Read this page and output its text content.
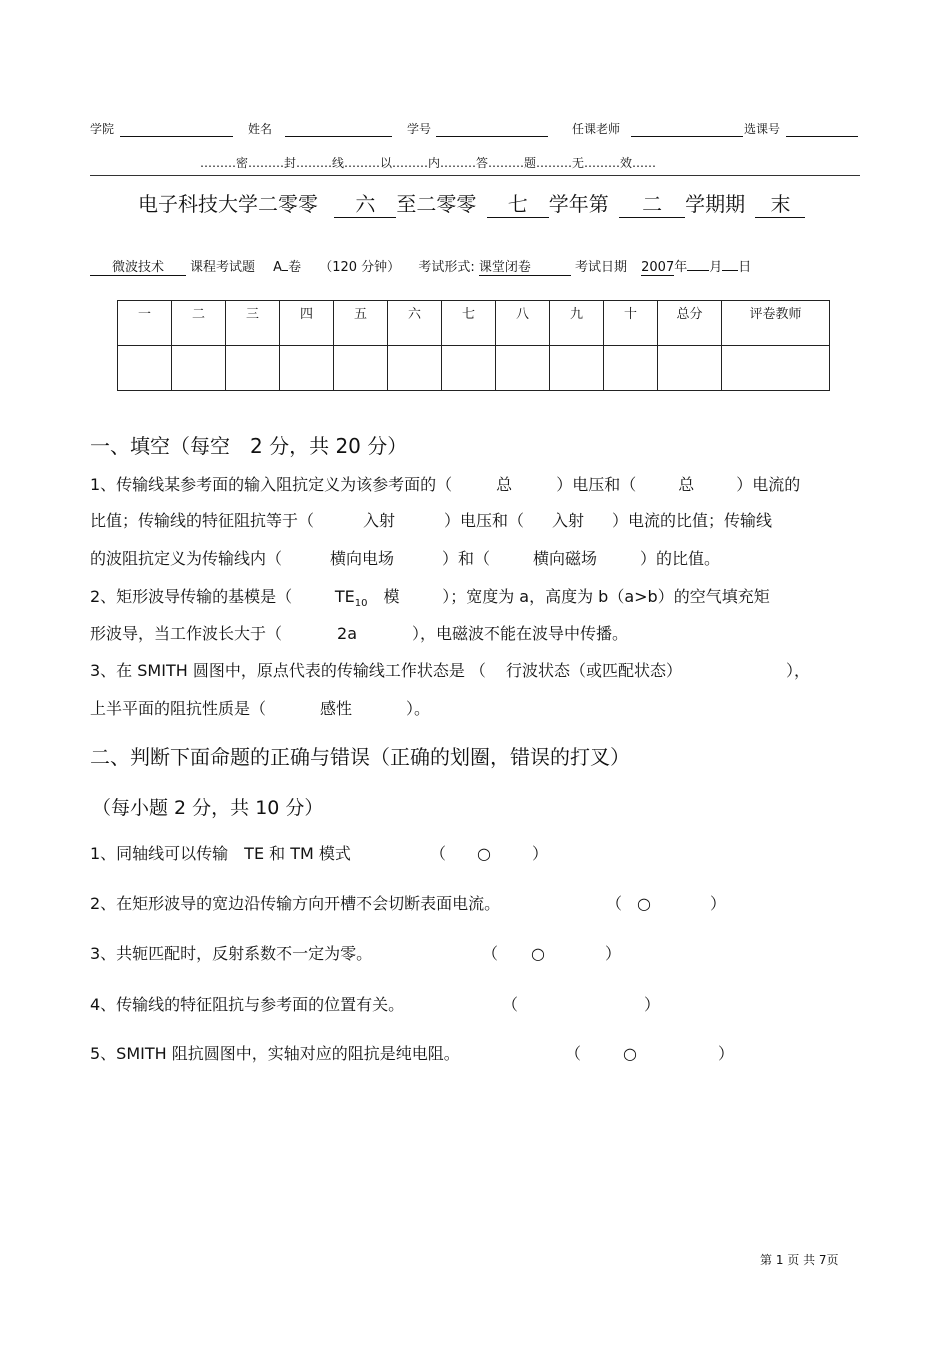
学院	姓名	学号	任课老师	选课号
………密………封………线………以………内………答………题………无………效……
电子科技大学二零零 六 至二零零 七 学年第 二 学期期 末
微波技术 课程考试题 A 卷 （120 分钟） 考试形式: 课堂闭卷	考试日期 2007年 月 日
一	二	三	四	五	六	七	八	九	十	总分	评卷教师

一、填空（每空　2 分，共 20 分）
1、传输线某参考面的输入阻抗定义为该参考面的（	总	）电压和（	总	）电流的
比值；传输线的特征阻抗等于（	入射	）电压和（ 入射 ）电流的比值；传输线
的波阻抗定义为传输线内（	横向电场	）和（	横向磁场	）的比值。
2、矩形波导传输的基模是（	$TE_{10}$　 模	）；宽度为 a，高度为 b（a>b）的空气填充矩
形波导，当工作波长大于（	2a	），电磁波不能在波导中传播。
3、在 SMITH 圆图中，原点代表的传输线工作状态是 （ 行波状态（或匹配状态）	），
上半平面的阻抗性质是（	感性	）。
二、判断下面命题的正确与错误（正确的划圈，错误的打叉）
（每小题 2 分，共 10 分）
1、同轴线可以传输　TE 和 TM 模式	（ ○	）
2、在矩形波导的宽边沿传输方向开槽不会切断表面电流。	（ ○	）
3、共轭匹配时，反射系数不一定为零。	（ ○	）
4、传输线的特征阻抗与参考面的位置有关。	（	）
5、SMITH 阻抗圆图中，实轴对应的阻抗是纯电阻。	（	○	）
第 1 页 共 7页
